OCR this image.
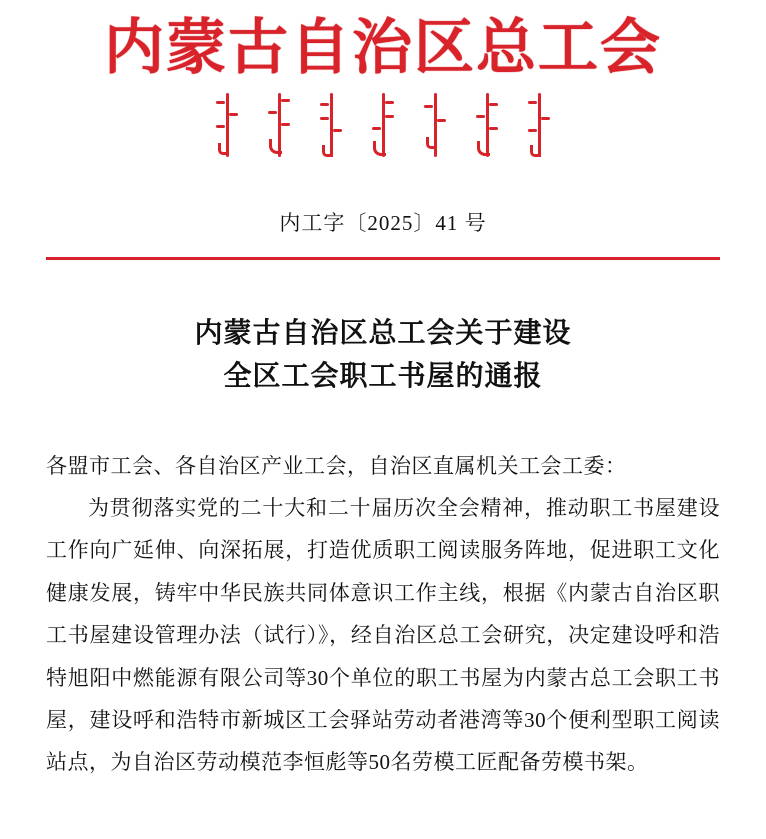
内蒙古自治区总工会
内工字〔2025〕41 号
内蒙古自治区总工会关于建设
全区工会职工书屋的通报

各盟市工会、各自治区产业工会，自治区直属机关工会工委：

为贯彻落实党的二十大和二十届历次全会精神，推动职工书屋建设工作向广延伸、向深拓展，打造优质职工阅读服务阵地，促进职工文化健康发展，铸牢中华民族共同体意识工作主线，根据《内蒙古自治区职工书屋建设管理办法（试行）》，经自治区总工会研究，决定建设呼和浩特旭阳中燃能源有限公司等30个单位的职工书屋为内蒙古总工会职工书屋，建设呼和浩特市新城区工会驿站劳动者港湾等30个便利型职工阅读站点，为自治区劳动模范李恒彪等50名劳模工匠配备劳模书架。
